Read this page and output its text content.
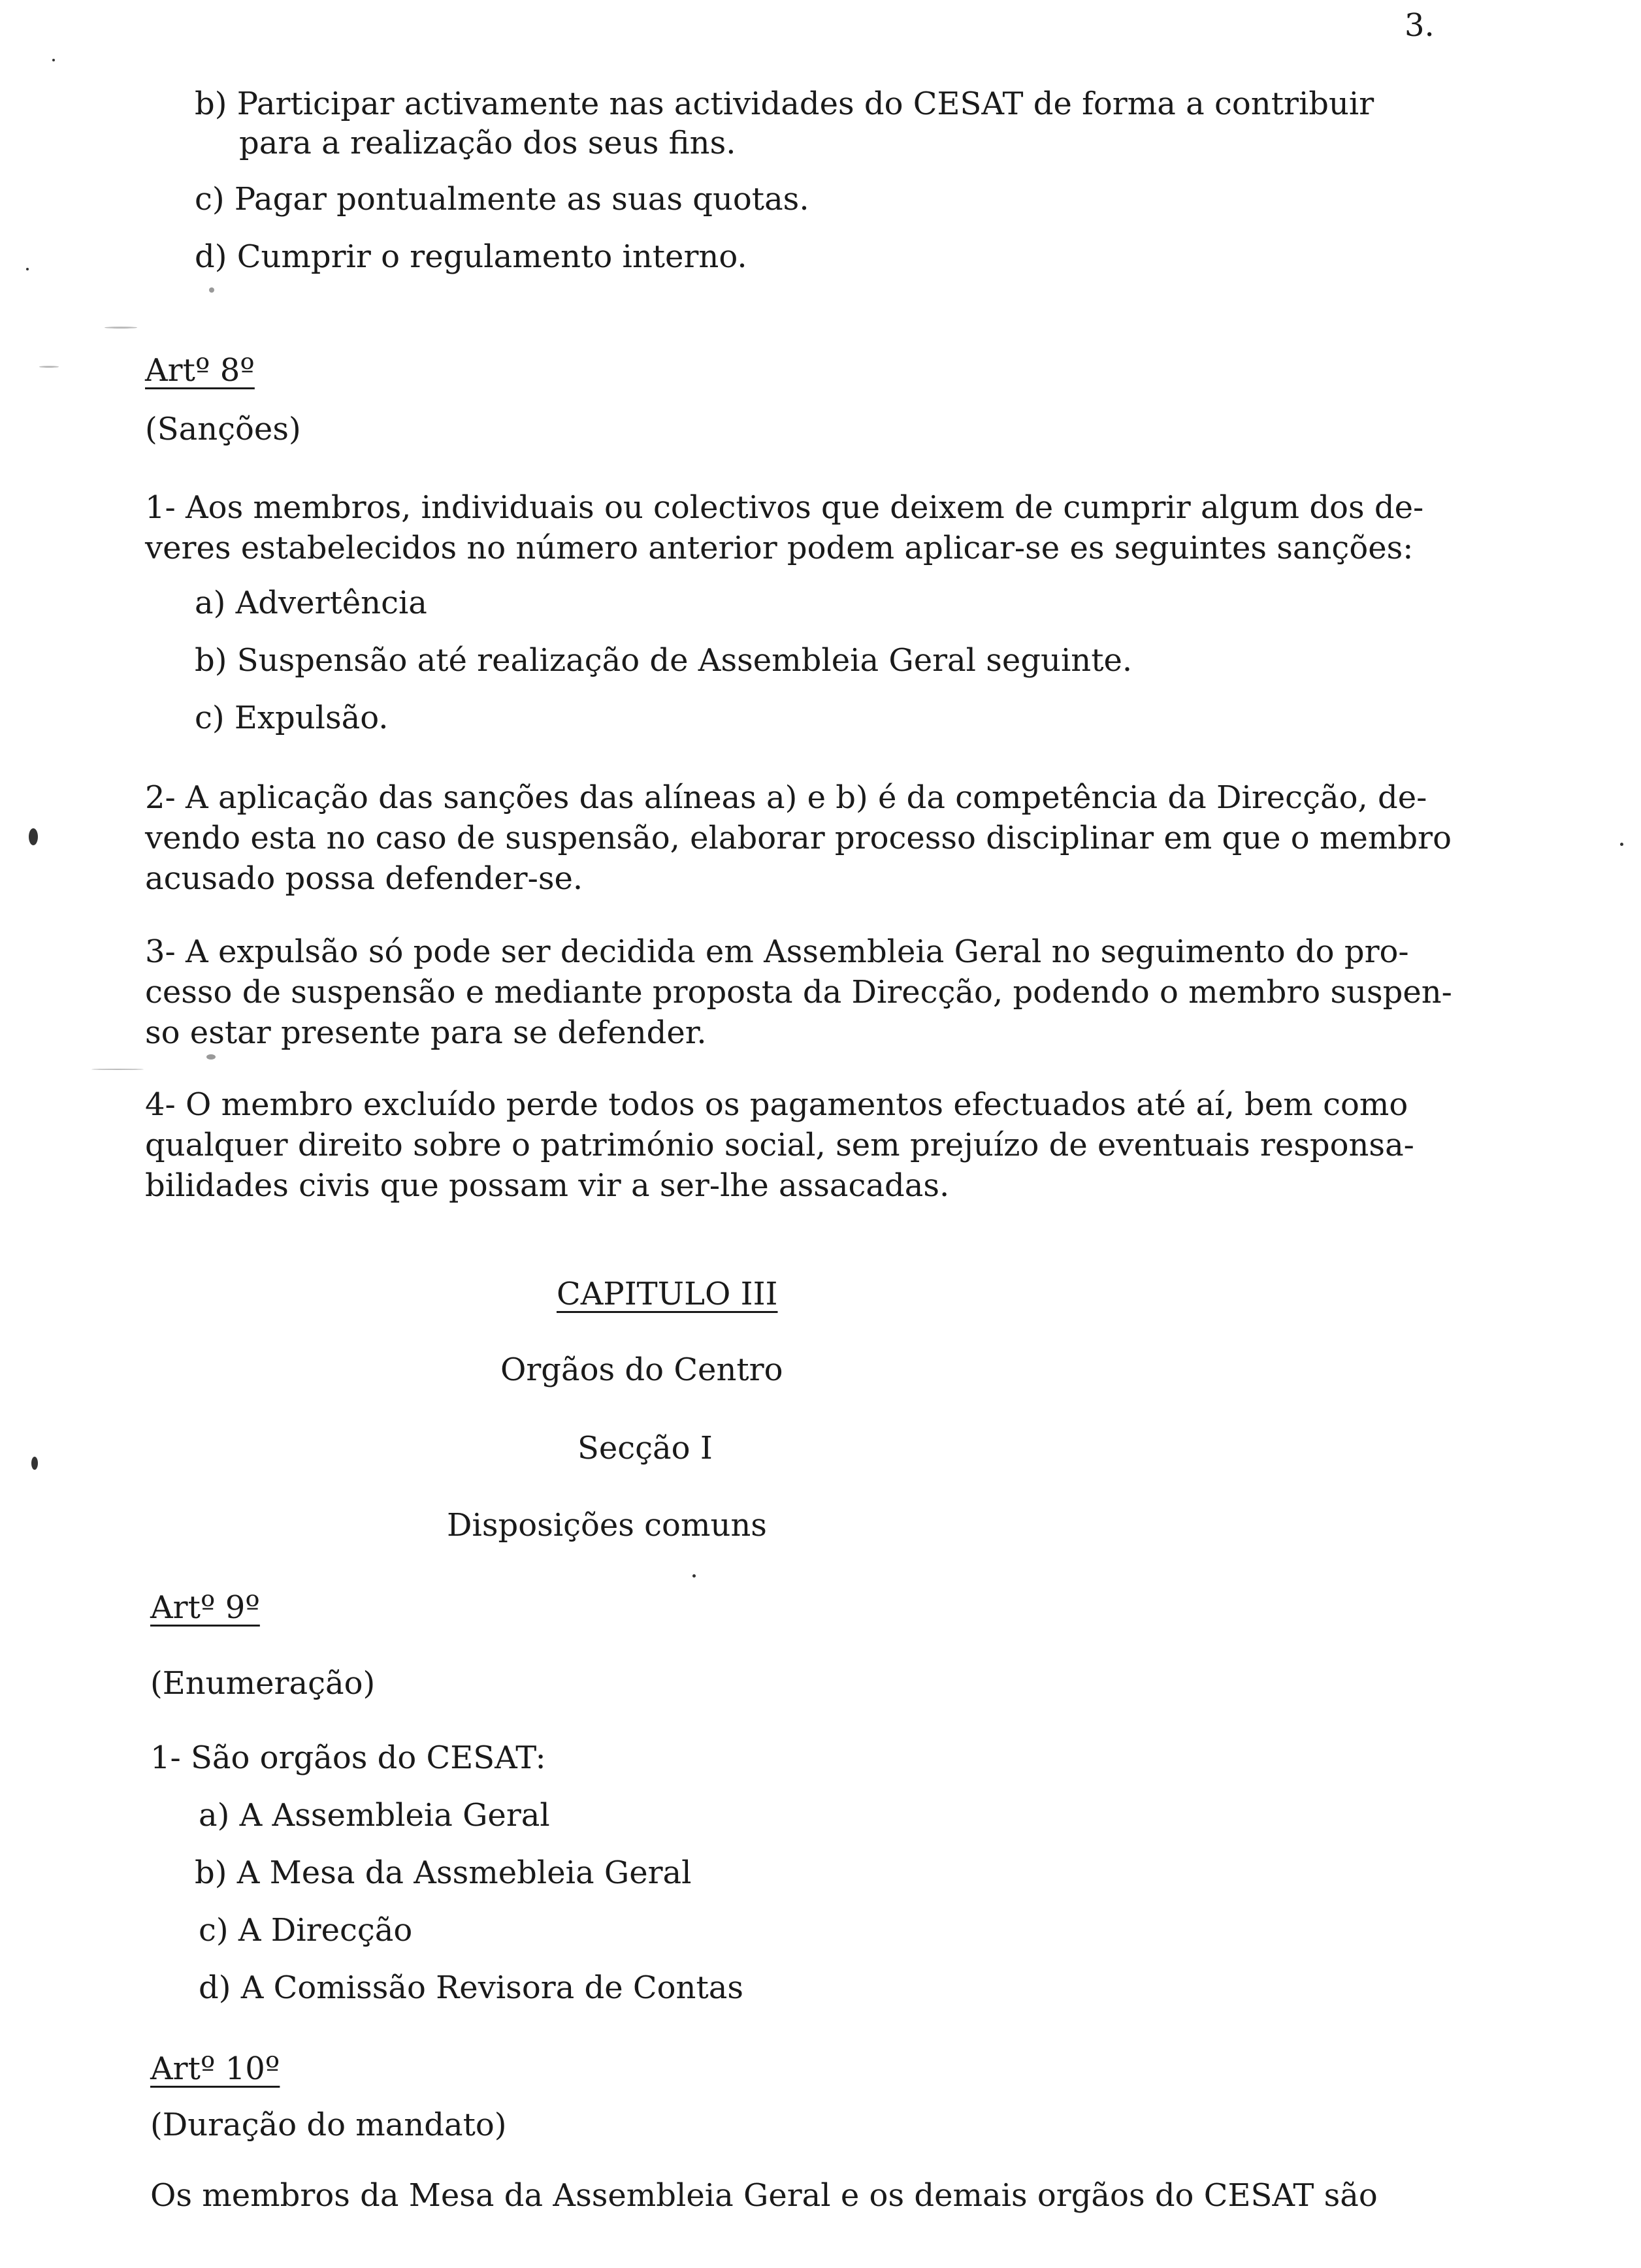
3.
b) Participar activamente nas actividades do CESAT de forma a contribuir
para a realização dos seus fins.
c) Pagar pontualmente as suas quotas.
d) Cumprir o regulamento interno.
Artº 8º
(Sanções)
1- Aos membros, individuais ou colectivos que deixem de cumprir algum dos de-
veres estabelecidos no número anterior podem aplicar-se es seguintes sanções:
a) Advertência
b) Suspensão até realização de Assembleia Geral seguinte.
c) Expulsão.
2- A aplicação das sanções das alíneas a) e b) é da competência da Direcção, de-
vendo esta no caso de suspensão, elaborar processo disciplinar em que o membro
acusado possa defender-se.
3- A expulsão só pode ser decidida em Assembleia Geral no seguimento do pro-
cesso de suspensão e mediante proposta da Direcção, podendo o membro suspen-
so estar presente para se defender.
4- O membro excluído perde todos os pagamentos efectuados até aí, bem como
qualquer direito sobre o património social, sem prejuízo de eventuais responsa-
bilidades civis que possam vir a ser-lhe assacadas.
CAPITULO III
Orgãos do Centro
Secção I
Disposições comuns
Artº 9º
(Enumeração)
1- São orgãos do CESAT:
a) A Assembleia Geral
b) A Mesa da Assmebleia Geral
c) A Direcção
d) A Comissão Revisora de Contas
Artº 10º
(Duração do mandato)
Os membros da Mesa da Assembleia Geral e os demais orgãos do CESAT são
